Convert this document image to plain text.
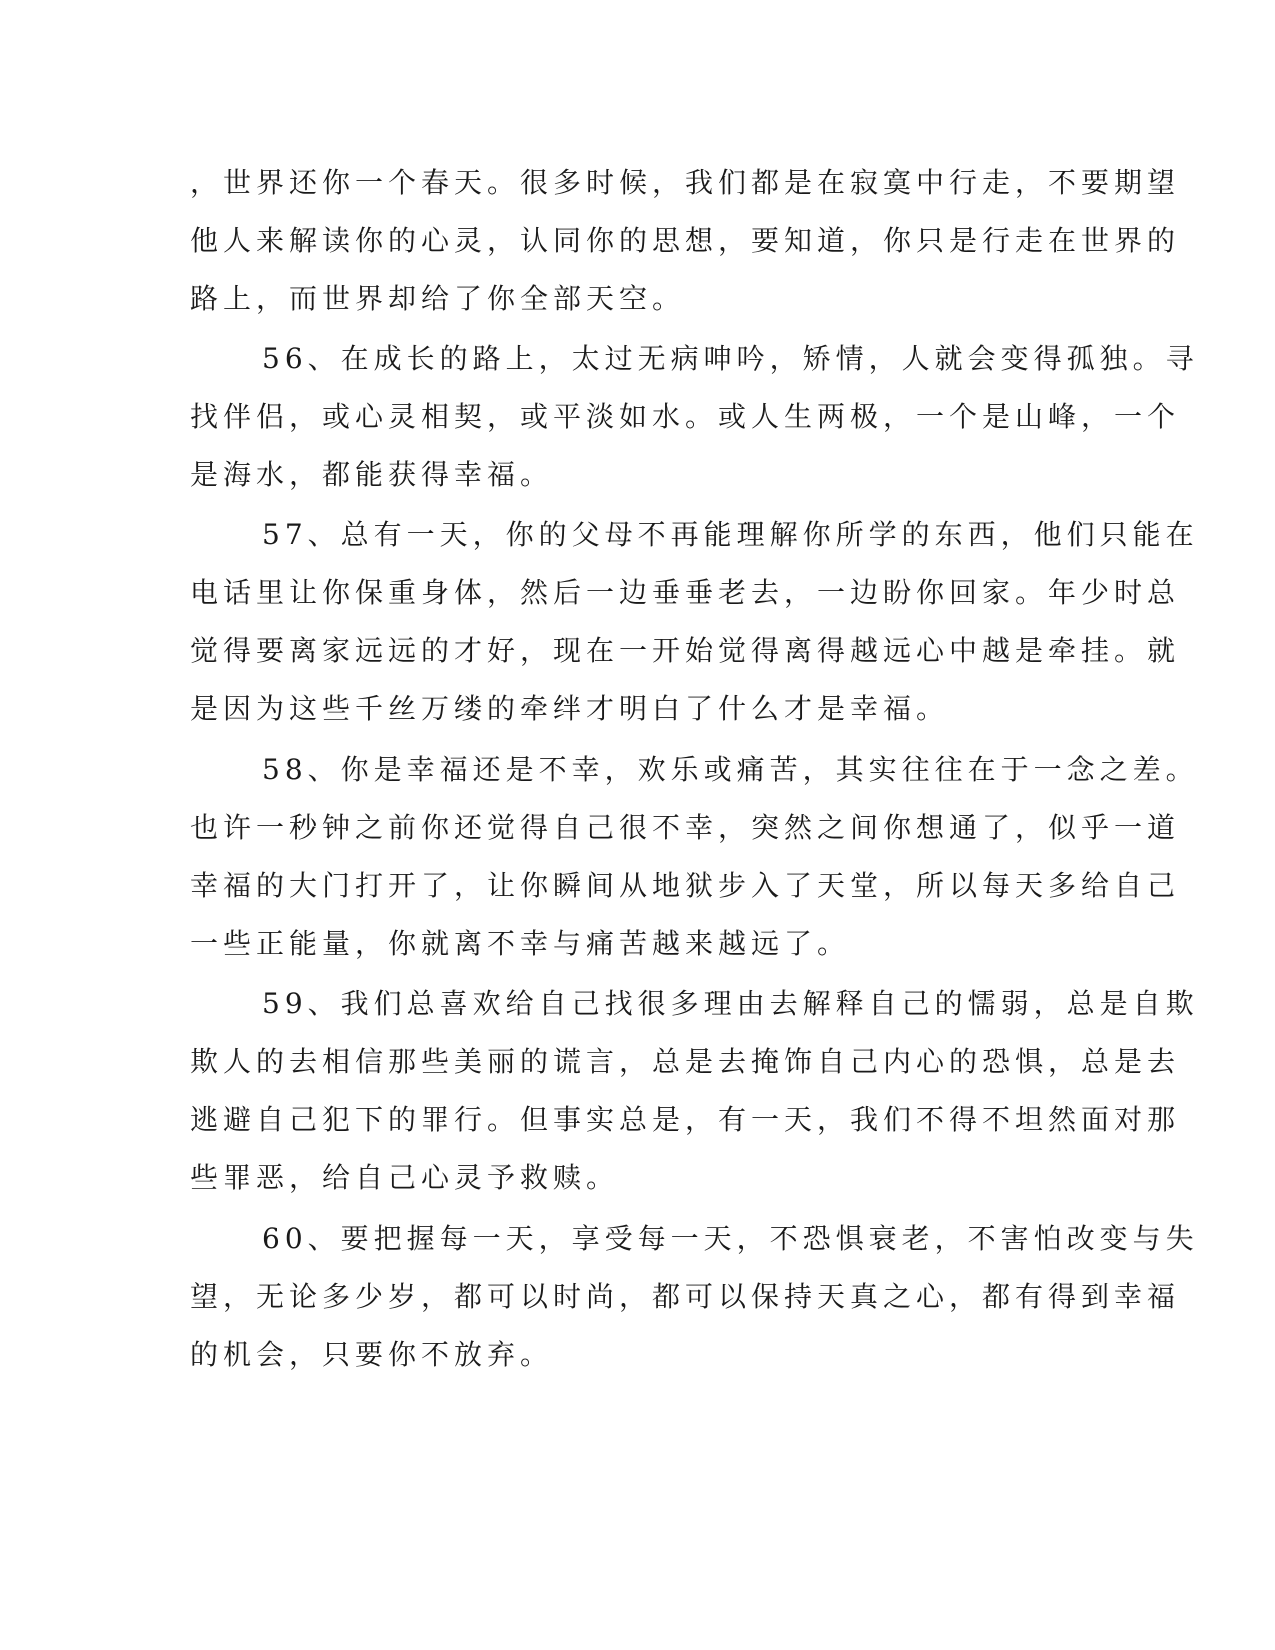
，世界还你一个春天。很多时候，我们都是在寂寞中行走，不要期望
他人来解读你的心灵，认同你的思想，要知道，你只是行走在世界的
路上，而世界却给了你全部天空。
56、在成长的路上，太过无病呻吟，矫情，人就会变得孤独。寻
找伴侣，或心灵相契，或平淡如水。或人生两极，一个是山峰，一个
是海水，都能获得幸福。
57、总有一天，你的父母不再能理解你所学的东西，他们只能在
电话里让你保重身体，然后一边垂垂老去，一边盼你回家。年少时总
觉得要离家远远的才好，现在一开始觉得离得越远心中越是牵挂。就
是因为这些千丝万缕的牵绊才明白了什么才是幸福。
58、你是幸福还是不幸，欢乐或痛苦，其实往往在于一念之差。
也许一秒钟之前你还觉得自己很不幸，突然之间你想通了，似乎一道
幸福的大门打开了，让你瞬间从地狱步入了天堂，所以每天多给自己
一些正能量，你就离不幸与痛苦越来越远了。
59、我们总喜欢给自己找很多理由去解释自己的懦弱，总是自欺
欺人的去相信那些美丽的谎言，总是去掩饰自己内心的恐惧，总是去
逃避自己犯下的罪行。但事实总是，有一天，我们不得不坦然面对那
些罪恶，给自己心灵予救赎。
60、要把握每一天，享受每一天，不恐惧衰老，不害怕改变与失
望，无论多少岁，都可以时尚，都可以保持天真之心，都有得到幸福
的机会，只要你不放弃。
